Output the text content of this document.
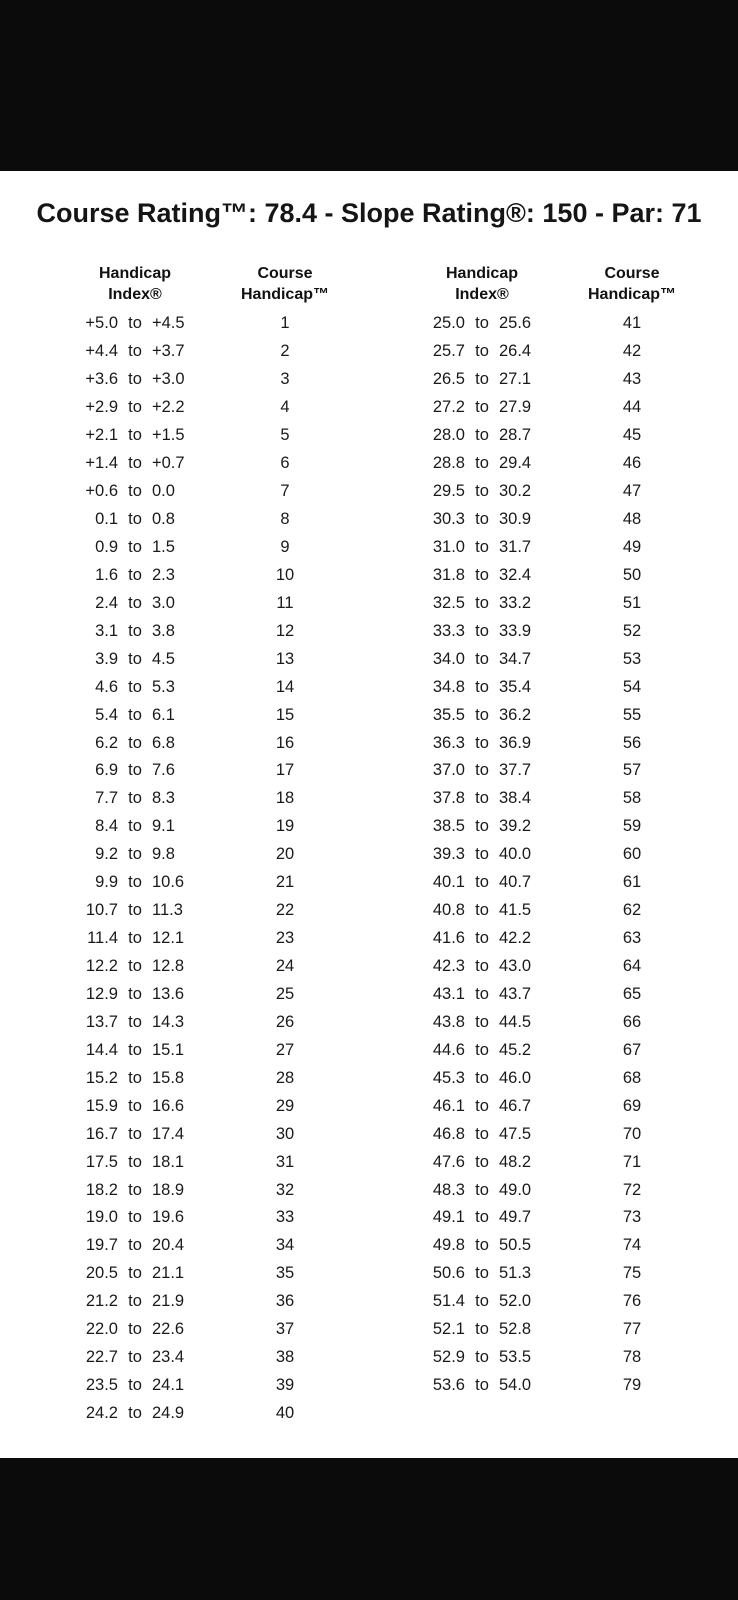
Course Rating™: 78.4 - Slope Rating®: 150 - Par: 71
Handicap
Index®
Course
Handicap™
+5.0 to +4.5	1
+4.4 to +3.7	2
+3.6 to +3.0	3
+2.9 to +2.2	4
+2.1 to +1.5	5
+1.4 to +0.7	6
+0.6 to 0.0	7
0.1 to 0.8	8
0.9 to 1.5	9
1.6 to 2.3	10
2.4 to 3.0	11
3.1 to 3.8	12
3.9 to 4.5	13
4.6 to 5.3	14
5.4 to 6.1	15
6.2 to 6.8	16
6.9 to 7.6	17
7.7 to 8.3	18
8.4 to 9.1	19
9.2 to 9.8	20
9.9 to 10.6	21
10.7 to 11.3	22
11.4 to 12.1	23
12.2 to 12.8	24
12.9 to 13.6	25
13.7 to 14.3	26
14.4 to 15.1	27
15.2 to 15.8	28
15.9 to 16.6	29
16.7 to 17.4	30
17.5 to 18.1	31
18.2 to 18.9	32
19.0 to 19.6	33
19.7 to 20.4	34
20.5 to 21.1	35
21.2 to 21.9	36
22.0 to 22.6	37
22.7 to 23.4	38
23.5 to 24.1	39
24.2 to 24.9	40
Handicap
Index®
Course
Handicap™
25.0 to 25.6	41
25.7 to 26.4	42
26.5 to 27.1	43
27.2 to 27.9	44
28.0 to 28.7	45
28.8 to 29.4	46
29.5 to 30.2	47
30.3 to 30.9	48
31.0 to 31.7	49
31.8 to 32.4	50
32.5 to 33.2	51
33.3 to 33.9	52
34.0 to 34.7	53
34.8 to 35.4	54
35.5 to 36.2	55
36.3 to 36.9	56
37.0 to 37.7	57
37.8 to 38.4	58
38.5 to 39.2	59
39.3 to 40.0	60
40.1 to 40.7	61
40.8 to 41.5	62
41.6 to 42.2	63
42.3 to 43.0	64
43.1 to 43.7	65
43.8 to 44.5	66
44.6 to 45.2	67
45.3 to 46.0	68
46.1 to 46.7	69
46.8 to 47.5	70
47.6 to 48.2	71
48.3 to 49.0	72
49.1 to 49.7	73
49.8 to 50.5	74
50.6 to 51.3	75
51.4 to 52.0	76
52.1 to 52.8	77
52.9 to 53.5	78
53.6 to 54.0	79
